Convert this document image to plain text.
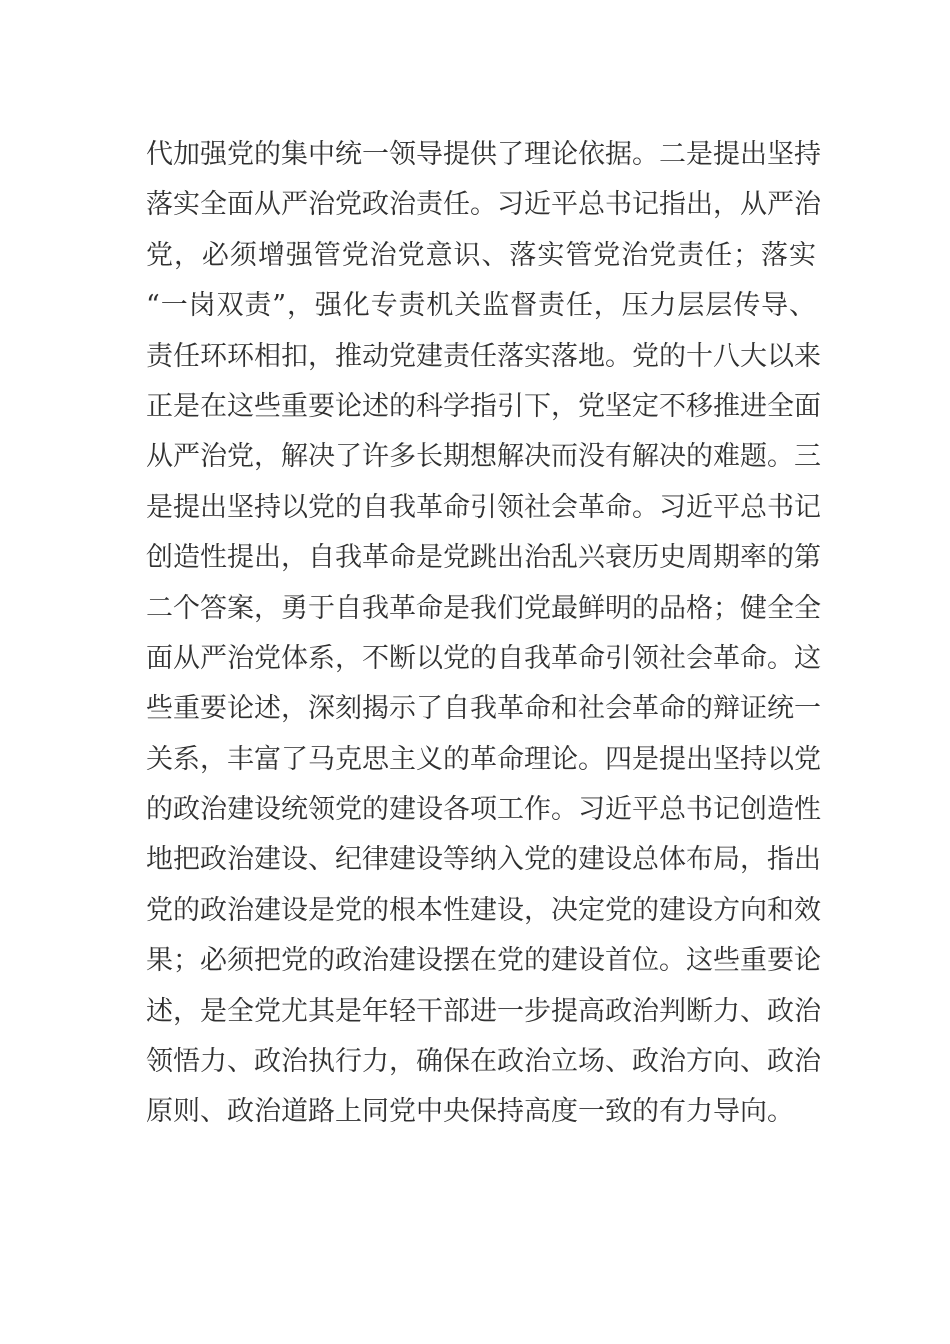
代加强党的集中统一领导提供了理论依据。二是提出坚持
落实全面从严治党政治责任。习近平总书记指出，从严治
党，必须增强管党治党意识、落实管党治党责任；落实
“一岗双责”，强化专责机关监督责任，压力层层传导、
责任环环相扣，推动党建责任落实落地。党的十八大以来
正是在这些重要论述的科学指引下，党坚定不移推进全面
从严治党，解决了许多长期想解决而没有解决的难题。三
是提出坚持以党的自我革命引领社会革命。习近平总书记
创造性提出，自我革命是党跳出治乱兴衰历史周期率的第
二个答案，勇于自我革命是我们党最鲜明的品格；健全全
面从严治党体系，不断以党的自我革命引领社会革命。这
些重要论述，深刻揭示了自我革命和社会革命的辩证统一
关系，丰富了马克思主义的革命理论。四是提出坚持以党
的政治建设统领党的建设各项工作。习近平总书记创造性
地把政治建设、纪律建设等纳入党的建设总体布局，指出
党的政治建设是党的根本性建设，决定党的建设方向和效
果；必须把党的政治建设摆在党的建设首位。这些重要论
述，是全党尤其是年轻干部进一步提高政治判断力、政治
领悟力、政治执行力，确保在政治立场、政治方向、政治
原则、政治道路上同党中央保持高度一致的有力导向。
